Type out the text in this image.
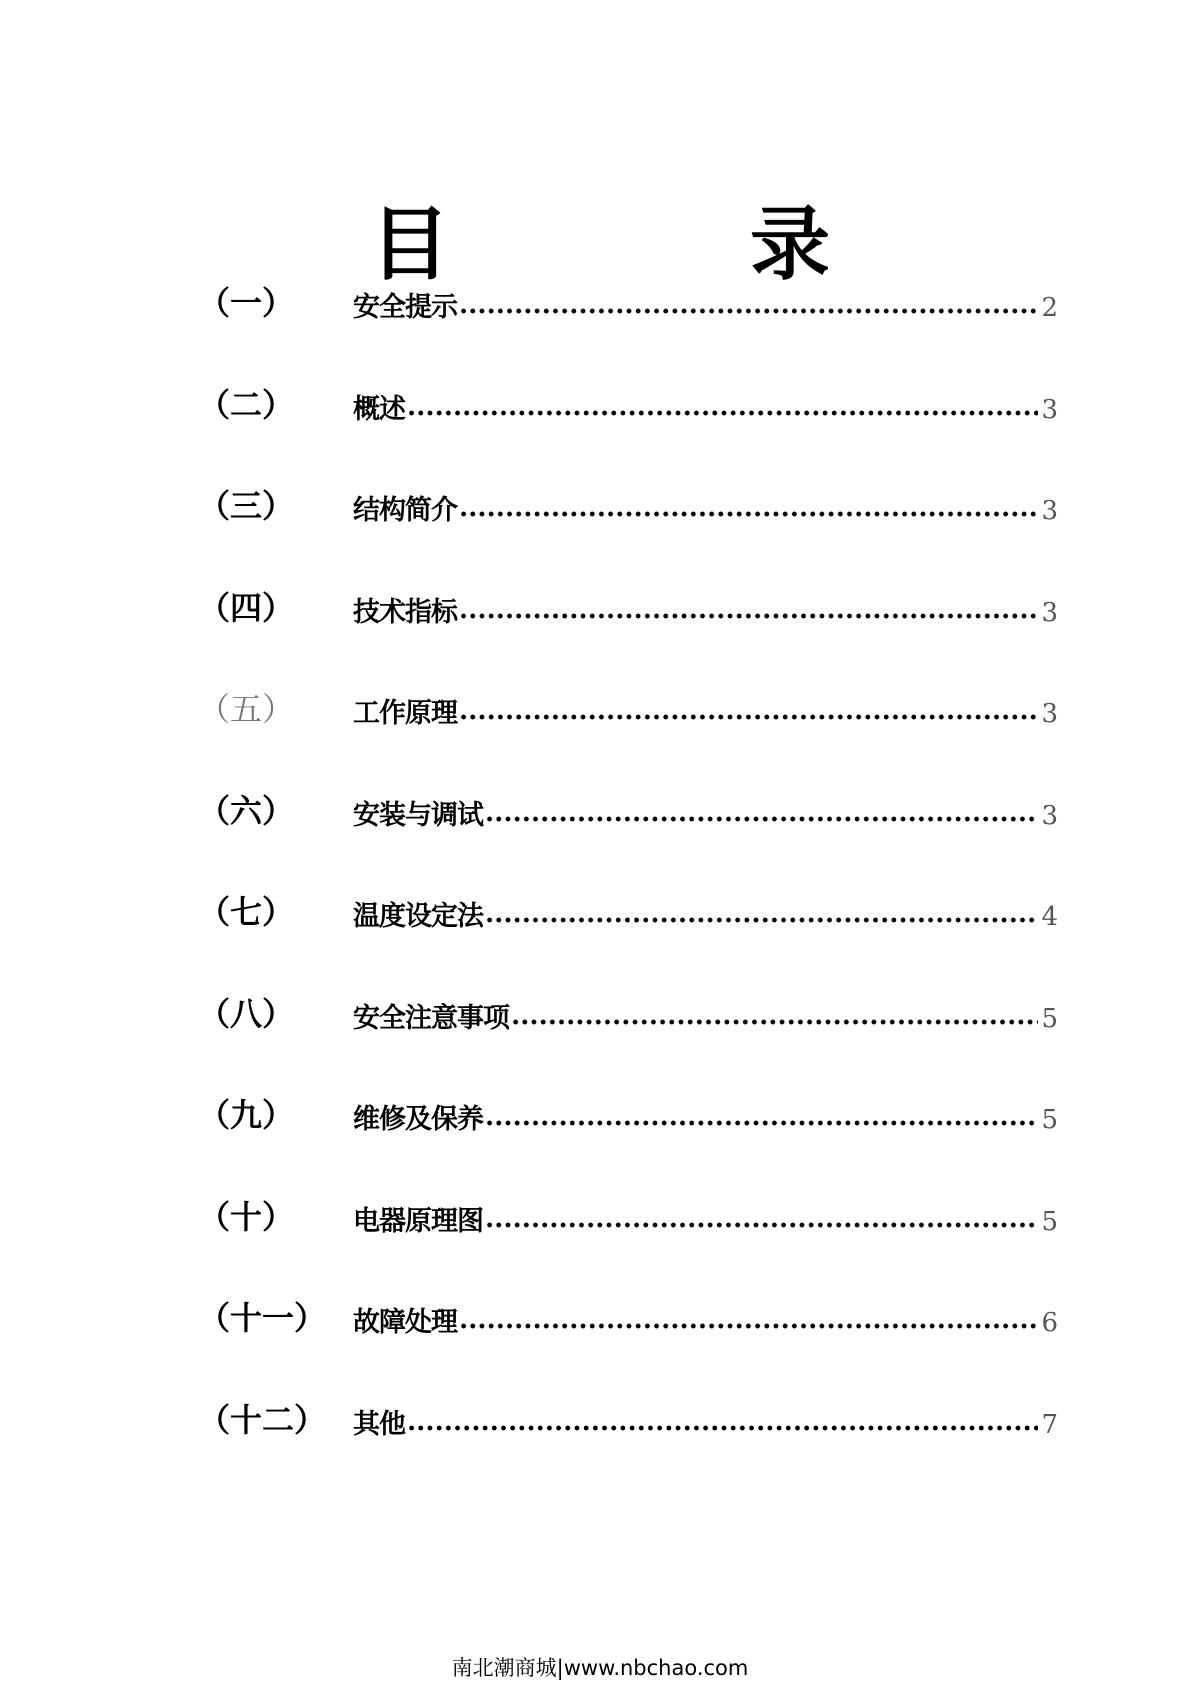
目　录
（一）	安全提示	2
（二）	概述	3
（三）	结构简介	3
（四）	技术指标	3
（五）	工作原理	3
（六）	安装与调试	3
（七）	温度设定法	4
（八）	安全注意事项	5
（九）	维修及保养	5
（十）	电器原理图	5
（十一） 故障处理	6
（十二） 其他	7
南北潮商城|www.nbchao.com
